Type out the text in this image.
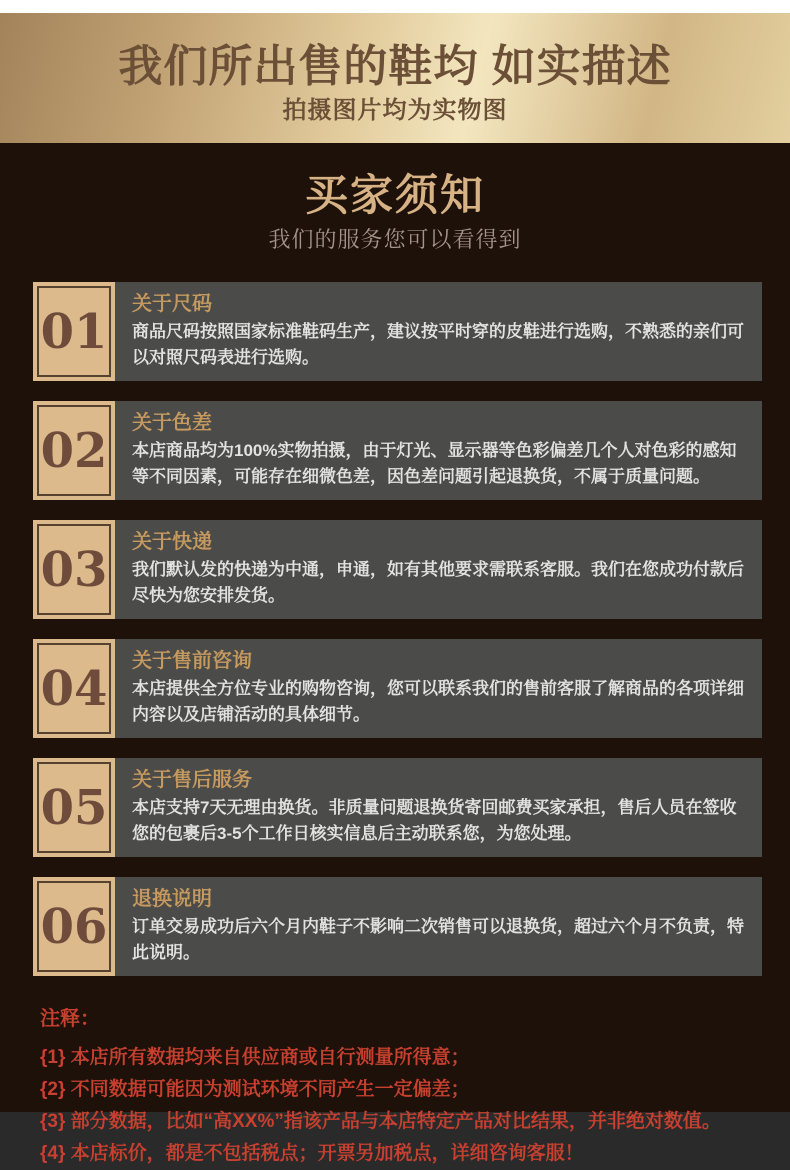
我们所出售的鞋均 如实描述

拍摄图片均为实物图

买家须知

我们的服务您可以看得到

01	关于尺码
商品尺码按照国家标准鞋码生产，建议按平时穿的皮鞋进行选购，不熟悉的亲们可以对照尺码表进行选购。
02	关于色差
本店商品均为100%实物拍摄，由于灯光、显示器等色彩偏差几个人对色彩的感知等不同因素，可能存在细微色差，因色差问题引起退换货，不属于质量问题。
03	关于快递
我们默认发的快递为中通，申通，如有其他要求需联系客服。我们在您成功付款后尽快为您安排发货。
04	关于售前咨询
本店提供全方位专业的购物咨询，您可以联系我们的售前客服了解商品的各项详细内容以及店铺活动的具体细节。
05	关于售后服务
本店支持7天无理由换货。非质量问题退换货寄回邮费买家承担，售后人员在签收您的包裹后3-5个工作日核实信息后主动联系您，为您处理。
06	退换说明
订单交易成功后六个月内鞋子不影响二次销售可以退换货，超过六个月不负责，特此说明。
注释：
{1} 本店所有数据均来自供应商或自行测量所得意；
{2} 不同数据可能因为测试环境不同产生一定偏差；
{3} 部分数据，比如“高XX%”指该产品与本店特定产品对比结果，并非绝对数值。
{4} 本店标价，都是不包括税点；开票另加税点，详细咨询客服！
